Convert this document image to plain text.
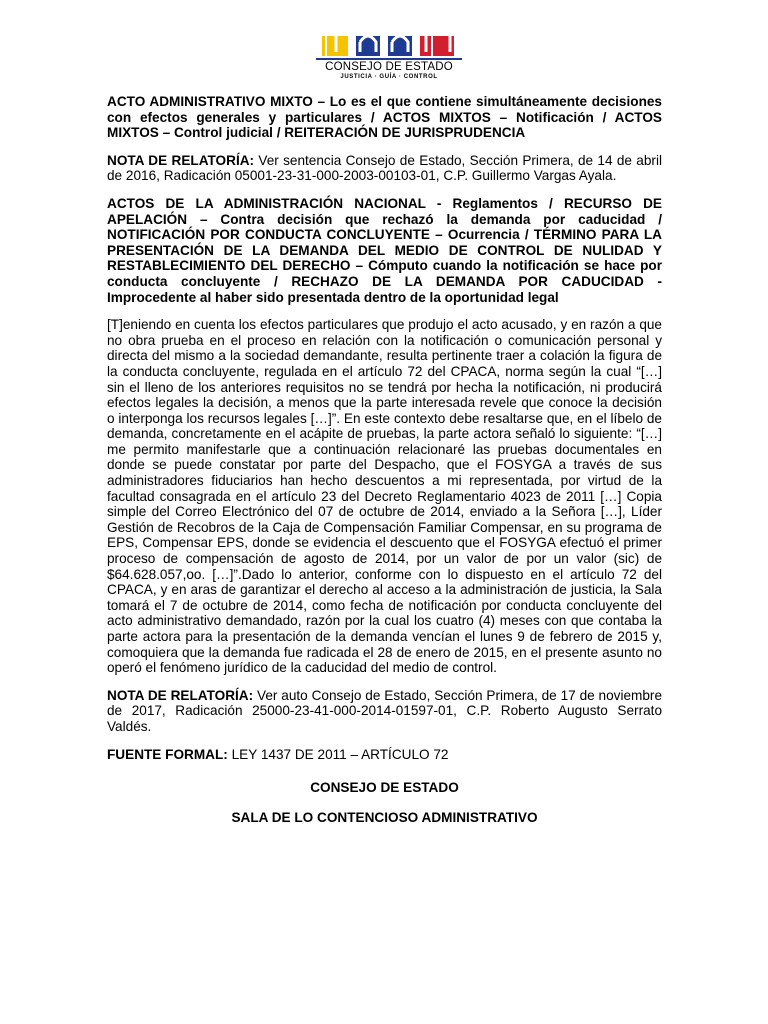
CONSEJO DE ESTADO
JUSTICIA · GUÍA · CONTROL

ACTO ADMINISTRATIVO MIXTO – Lo es el que contiene simultáneamente decisiones con efectos generales y particulares / ACTOS MIXTOS – Notificación / ACTOS MIXTOS – Control judicial / REITERACIÓN DE JURISPRUDENCIA

NOTA DE RELATORÍA: Ver sentencia Consejo de Estado, Sección Primera, de 14 de abril de 2016, Radicación 05001-23-31-000-2003-00103-01, C.P. Guillermo Vargas Ayala.

ACTOS DE LA ADMINISTRACIÓN NACIONAL - Reglamentos / RECURSO DE APELACIÓN – Contra decisión que rechazó la demanda por caducidad / NOTIFICACIÓN POR CONDUCTA CONCLUYENTE – Ocurrencia / TÉRMINO PARA LA PRESENTACIÓN DE LA DEMANDA DEL MEDIO DE CONTROL DE NULIDAD Y RESTABLECIMIENTO DEL DERECHO – Cómputo cuando la notificación se hace por conducta concluyente / RECHAZO DE LA DEMANDA POR CADUCIDAD - Improcedente al haber sido presentada dentro de la oportunidad legal

[T]eniendo en cuenta los efectos particulares que produjo el acto acusado, y en razón a que no obra prueba en el proceso en relación con la notificación o comunicación personal y directa del mismo a la sociedad demandante, resulta pertinente traer a colación la figura de la conducta concluyente, regulada en el artículo 72 del CPACA, norma según la cual “[…] sin el lleno de los anteriores requisitos no se tendrá por hecha la notificación, ni producirá efectos legales la decisión, a menos que la parte interesada revele que conoce la decisión o interponga los recursos legales […]”. En este contexto debe resaltarse que, en el líbelo de demanda, concretamente en el acápite de pruebas, la parte actora señaló lo siguiente: “[…] me permito manifestarle que a continuación relacionaré las pruebas documentales en donde se puede constatar por parte del Despacho, que el FOSYGA a través de sus administradores fiduciarios han hecho descuentos a mi representada, por virtud de la facultad consagrada en el artículo 23 del Decreto Reglamentario 4023 de 2011 […] Copia simple del Correo Electrónico del 07 de octubre de 2014, enviado a la Señora […], Líder Gestión de Recobros de la Caja de Compensación Familiar Compensar, en su programa de EPS, Compensar EPS, donde se evidencia el descuento que el FOSYGA efectuó el primer proceso de compensación de agosto de 2014, por un valor de por un valor (sic) de $64.628.057,oo. […]”.Dado lo anterior, conforme con lo dispuesto en el artículo 72 del CPACA, y en aras de garantizar el derecho al acceso a la administración de justicia, la Sala tomará el 7 de octubre de 2014, como fecha de notificación por conducta concluyente del acto administrativo demandado, razón por la cual los cuatro (4) meses con que contaba la parte actora para la presentación de la demanda vencían el lunes 9 de febrero de 2015 y, comoquiera que la demanda fue radicada el 28 de enero de 2015, en el presente asunto no operó el fenómeno jurídico de la caducidad del medio de control.

NOTA DE RELATORÍA: Ver auto Consejo de Estado, Sección Primera, de 17 de noviembre de 2017, Radicación 25000-23-41-000-2014-01597-01, C.P. Roberto Augusto Serrato Valdés.

FUENTE FORMAL: LEY 1437 DE 2011 – ARTÍCULO 72

CONSEJO DE ESTADO

SALA DE LO CONTENCIOSO ADMINISTRATIVO
